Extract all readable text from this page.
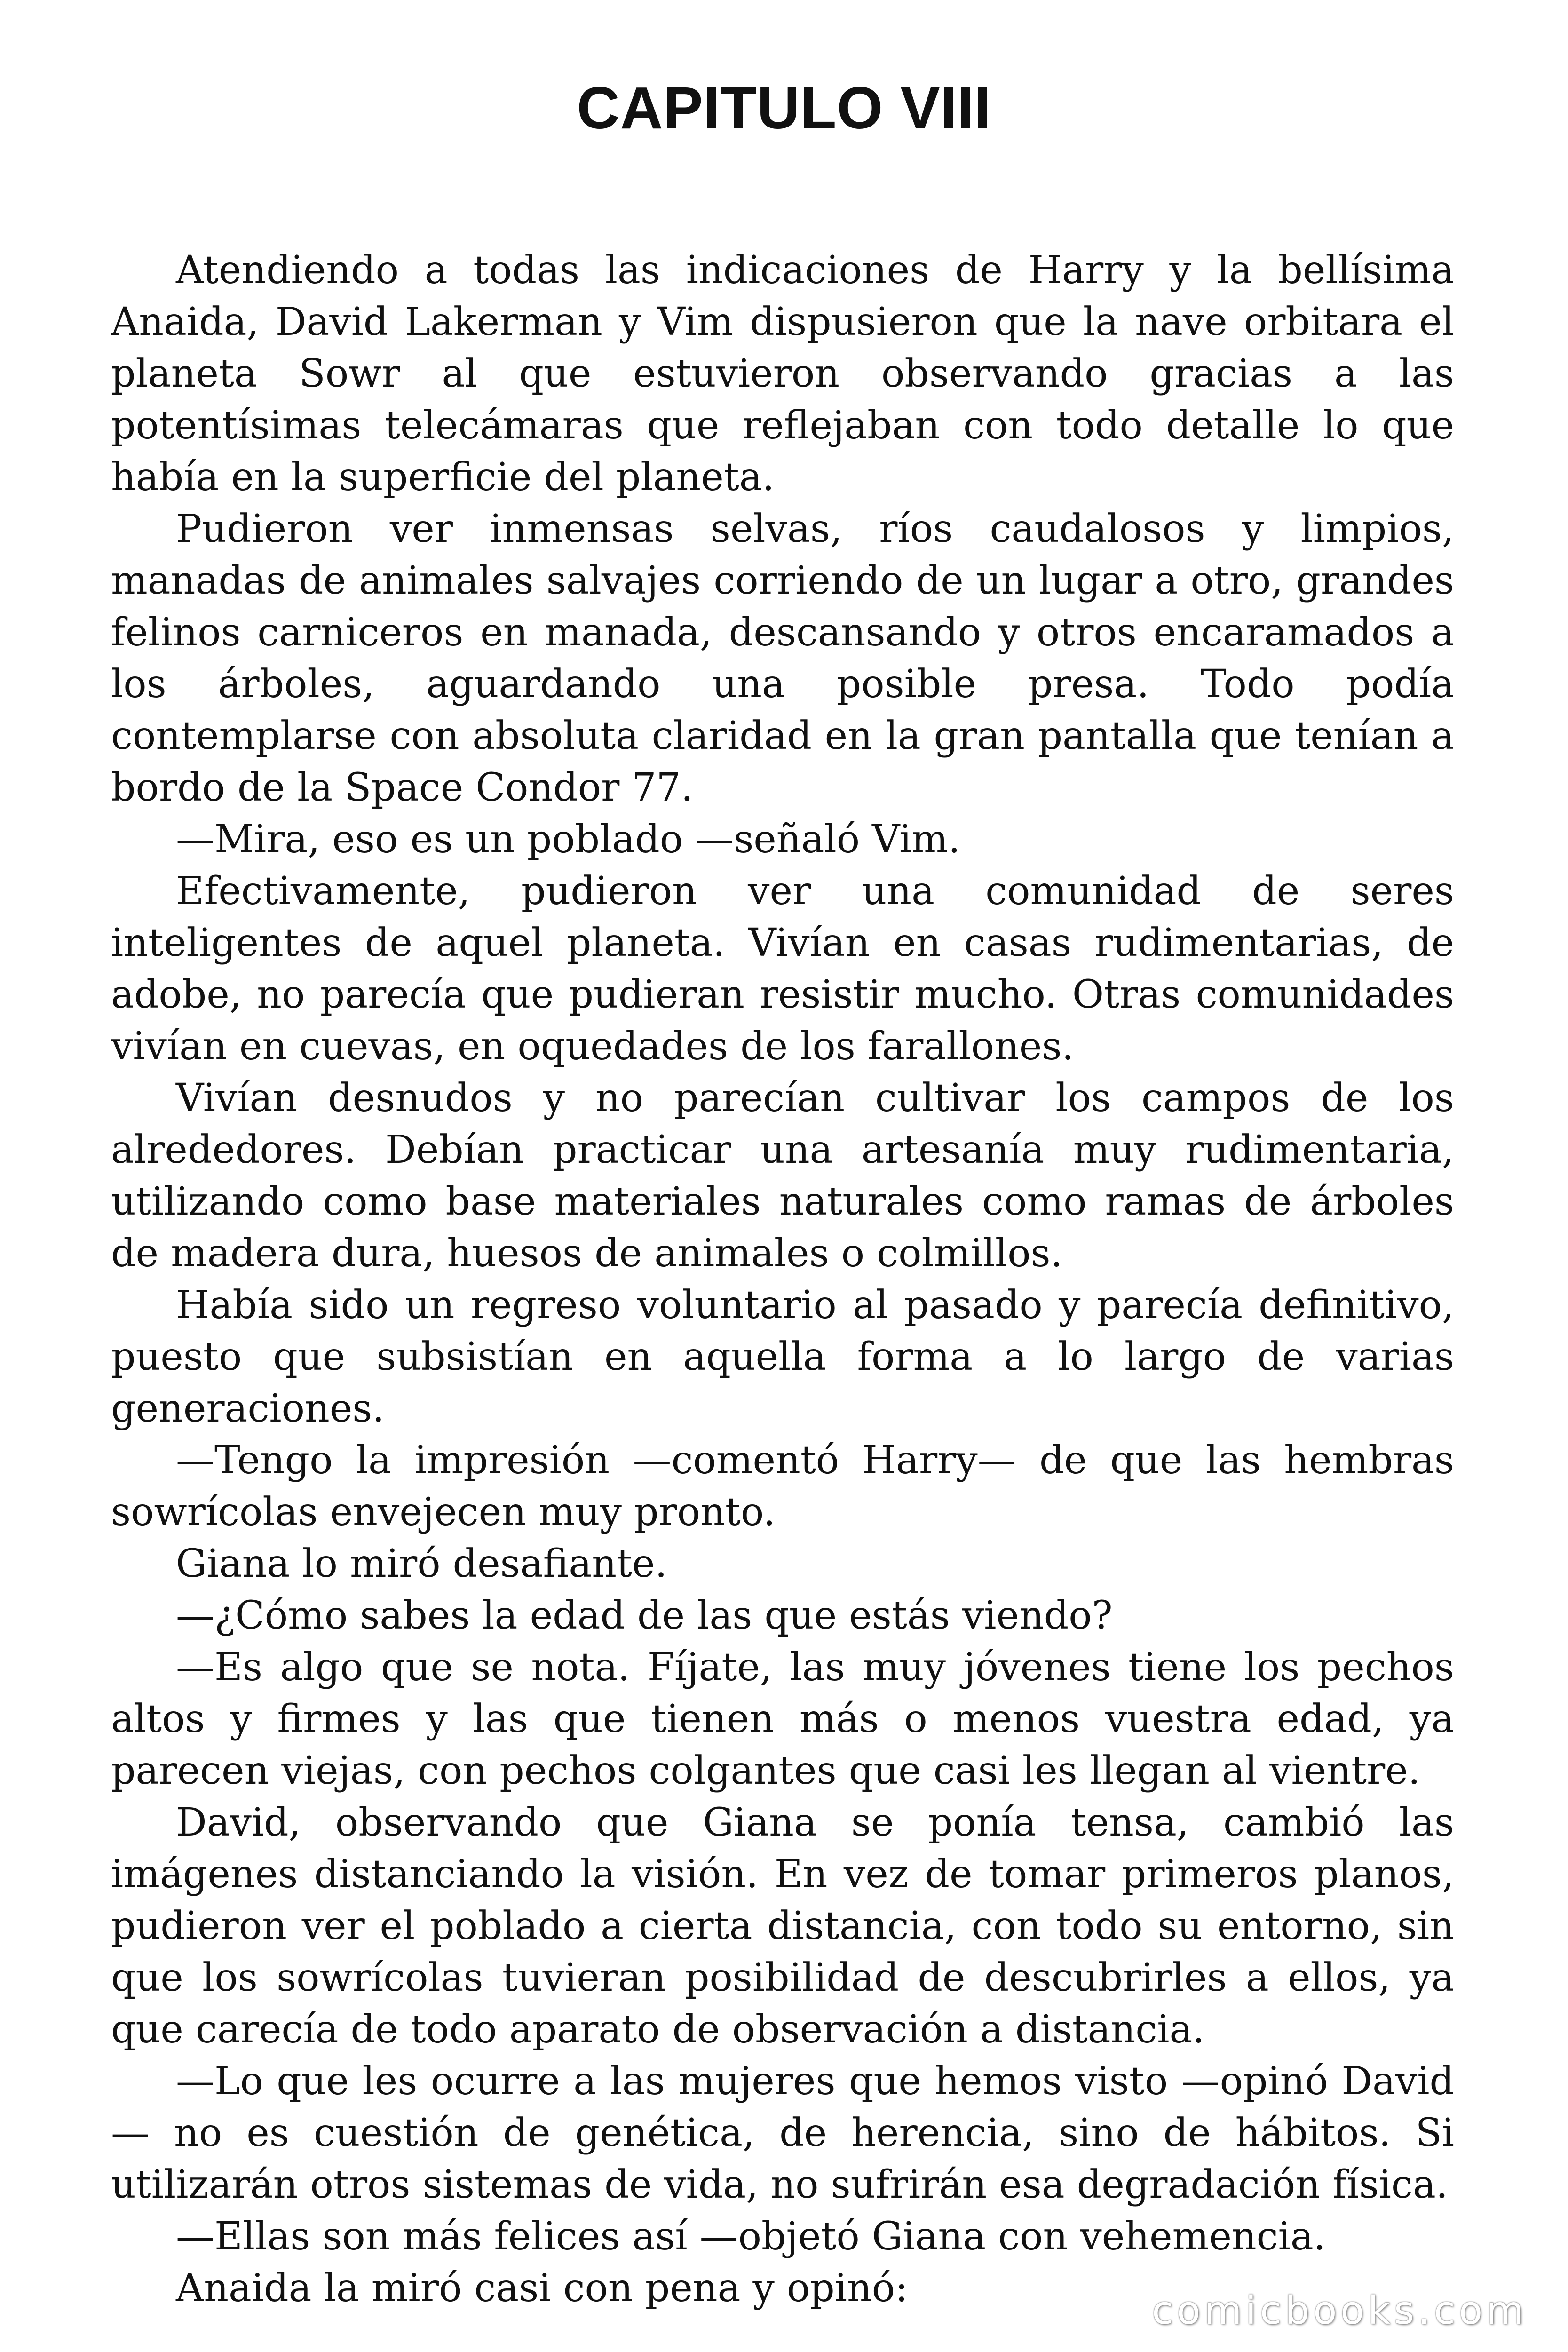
CAPITULO VIII

Atendiendo a todas las indicaciones de Harry y la bellísima Anaida, David Lakerman y Vim dispusieron que la nave orbitara el planeta Sowr al que estuvieron observando gracias a las potentísimas telecámaras que reflejaban con todo detalle lo que había en la superficie del planeta.

Pudieron ver inmensas selvas, ríos caudalosos y limpios, manadas de animales salvajes corriendo de un lugar a otro, grandes felinos carniceros en manada, descansando y otros encaramados a los árboles, aguardando una posible presa. Todo podía contemplarse con absoluta claridad en la gran pantalla que tenían a bordo de la Space Condor 77.

—Mira, eso es un poblado —señaló Vim.

Efectivamente, pudieron ver una comunidad de seres inteligentes de aquel planeta. Vivían en casas rudimentarias, de adobe, no parecía que pudieran resistir mucho. Otras comunidades vivían en cuevas, en oquedades de los farallones.

Vivían desnudos y no parecían cultivar los campos de los alrededores. Debían practicar una artesanía muy rudimentaria, utilizando como base materiales naturales como ramas de árboles de madera dura, huesos de animales o colmillos.

Había sido un regreso voluntario al pasado y parecía definitivo, puesto que subsistían en aquella forma a lo largo de varias generaciones.

—Tengo la impresión —comentó Harry— de que las hembras sowrícolas envejecen muy pronto.

Giana lo miró desafiante.

—¿Cómo sabes la edad de las que estás viendo?

—Es algo que se nota. Fíjate, las muy jóvenes tiene los pechos altos y firmes y las que tienen más o menos vuestra edad, ya parecen viejas, con pechos colgantes que casi les llegan al vientre.

David, observando que Giana se ponía tensa, cambió las imágenes distanciando la visión. En vez de tomar primeros planos, pudieron ver el poblado a cierta distancia, con todo su entorno, sin que los sowrícolas tuvieran posibilidad de descubrirles a ellos, ya que carecía de todo aparato de observación a distancia.

—Lo que les ocurre a las mujeres que hemos visto —opinó David — no es cuestión de genética, de herencia, sino de hábitos. Si utilizarán otros sistemas de vida, no sufrirán esa degradación física.

—Ellas son más felices así —objetó Giana con vehemencia.

Anaida la miró casi con pena y opinó:

comicbooks.com
